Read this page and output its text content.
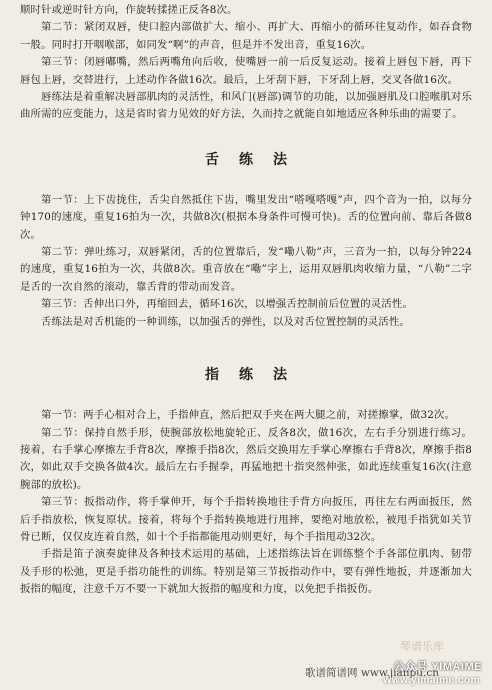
顺时针或逆时针方向，作旋转揉搓正反各8次。

第二节：紧闭双唇，使口腔内部做扩大、缩小、再扩大、再缩小的循环往复动作，如吞食物一般。同时打开咽喉部，如同发“啊”的声音，但是并不发出音，重复16次。

第三节：闭唇嘟嘴，然后两嘴角向后收，使嘴唇一前一后反复运动。接着上唇包下唇，再下唇包上唇，交替进行，上述动作各做16次。最后，上牙刮下唇，下牙刮上唇，交叉各做16次。

唇练法是着重解决唇部肌肉的灵活性，和风门(唇部)调节的功能，以加强唇肌及口腔喉肌对乐曲所需的应变能力，这是省时省力见效的好方法，久而持之就能自如地适应各种乐曲的需要了。

舌练法

第一节：上下齿拢住，舌尖自然抵住下齿，嘴里发出“嗒嘎嗒嘎”声，四个音为一拍，以每分钟170的速度，重复16拍为一次，共做8次(根据本身条件可慢可快)。舌的位置向前、靠后各做8次。

第二节：弹吐练习，双唇紧闭，舌的位置靠后，发“嘞八勒”声，三音为一拍，以每分钟224的速度，重复16拍为一次，共做8次。重音放在“嘞”字上，运用双唇肌肉收缩力量，“八勒”二字是舌的一次自然的滚动，靠舌背的带动而发音。

第三节：舌伸出口外，再缩回去，循环16次，以增强舌控制前后位置的灵活性。

舌练法是对舌机能的一种训练，以加强舌的弹性，以及对舌位置控制的灵活性。

指练法

第一节：两手心相对合上，手指伸直，然后把双手夹在两大腿之前，对搓擦掌，做32次。

第二节：保持自然手形，使腕部放松地旋轮正、反各8次，做16次，左右手分别进行练习。接着，右手掌心摩擦左手背8次，摩擦手指8次，然后交换用左手掌心摩擦右手背8次，摩擦手指8次，如此双手交换各做4次。最后左右手握拳，再猛地把十指突然伸张，如此连续重复16次(注意腕部的放松)。

第三节：扳指动作，将手掌伸开，每个手指转换地往手背方向扳压，再往左右两面扳压，然后手指放松，恢复原状。接着，将每个手指转换地进行甩摔，要绝对地放松，被甩手指犹如关节骨已断，仅仅皮连着自然，如十个手指都能甩动则更好，每个手指甩动32次。

手指是笛子演奏旋律及各种技术运用的基础，上述指练法旨在训练整个手各部位肌肉、韧带及手形的松弛，更是手指功能性的训练。特别是第三节扳指动作中，要有弹性地扳，并逐渐加大扳指的幅度，注意千万不要一下就加大扳指的幅度和力度，以免把手指扳伤。

琴谱乐库
歌谱简谱网 www.jianpu.cn
公众号 YIMAIME
www.yimaime.com
